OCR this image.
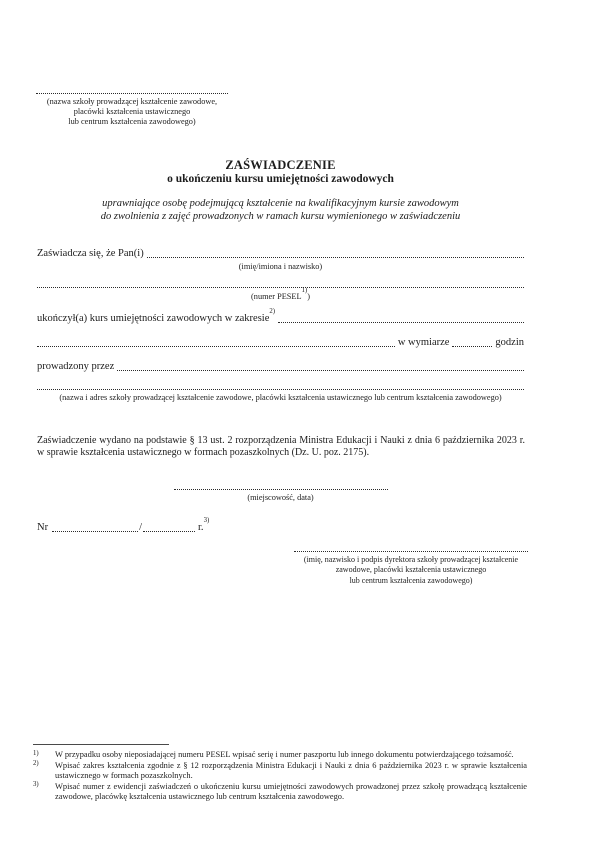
(nazwa szkoły prowadzącej kształcenie zawodowe,
placówki kształcenia ustawicznego
lub centrum kształcenia zawodowego)
ZAŚWIADCZENIE
o ukończeniu kursu umiejętności zawodowych
uprawniające osobę podejmującą kształcenie na kwalifikacyjnym kursie zawodowym
do zwolnienia z zajęć prowadzonych w ramach kursu wymienionego w zaświadczeniu
Zaświadcza się, że Pan(i)
(imię/imiona i nazwisko)
(numer PESEL$^{1)}$)
ukończył(a) kurs umiejętności zawodowych w zakresie$^{2)}$
w wymiarze	godzin
prowadzony przez
(nazwa i adres szkoły prowadzącej kształcenie zawodowe, placówki kształcenia ustawicznego lub centrum kształcenia zawodowego)
Zaświadczenie wydano na podstawie § 13 ust. 2 rozporządzenia Ministra Edukacji i Nauki z dnia 6 października 2023 r. w sprawie kształcenia ustawicznego w formach pozaszkolnych (Dz. U. poz. 2175).
(miejscowość, data)
Nr	/	r.$^{3)}$
(imię, nazwisko i podpis dyrektora szkoły prowadzącej kształcenie
zawodowe, placówki kształcenia ustawicznego
lub centrum kształcenia zawodowego)
1)	W przypadku osoby nieposiadającej numeru PESEL wpisać serię i numer paszportu lub innego dokumentu potwierdzającego tożsamość.
2)	Wpisać zakres kształcenia zgodnie z § 12 rozporządzenia Ministra Edukacji i Nauki z dnia 6 października 2023 r. w sprawie kształcenia ustawicznego w formach pozaszkolnych.
3)	Wpisać numer z ewidencji zaświadczeń o ukończeniu kursu umiejętności zawodowych prowadzonej przez szkołę prowadzącą kształcenie zawodowe, placówkę kształcenia ustawicznego lub centrum kształcenia zawodowego.
